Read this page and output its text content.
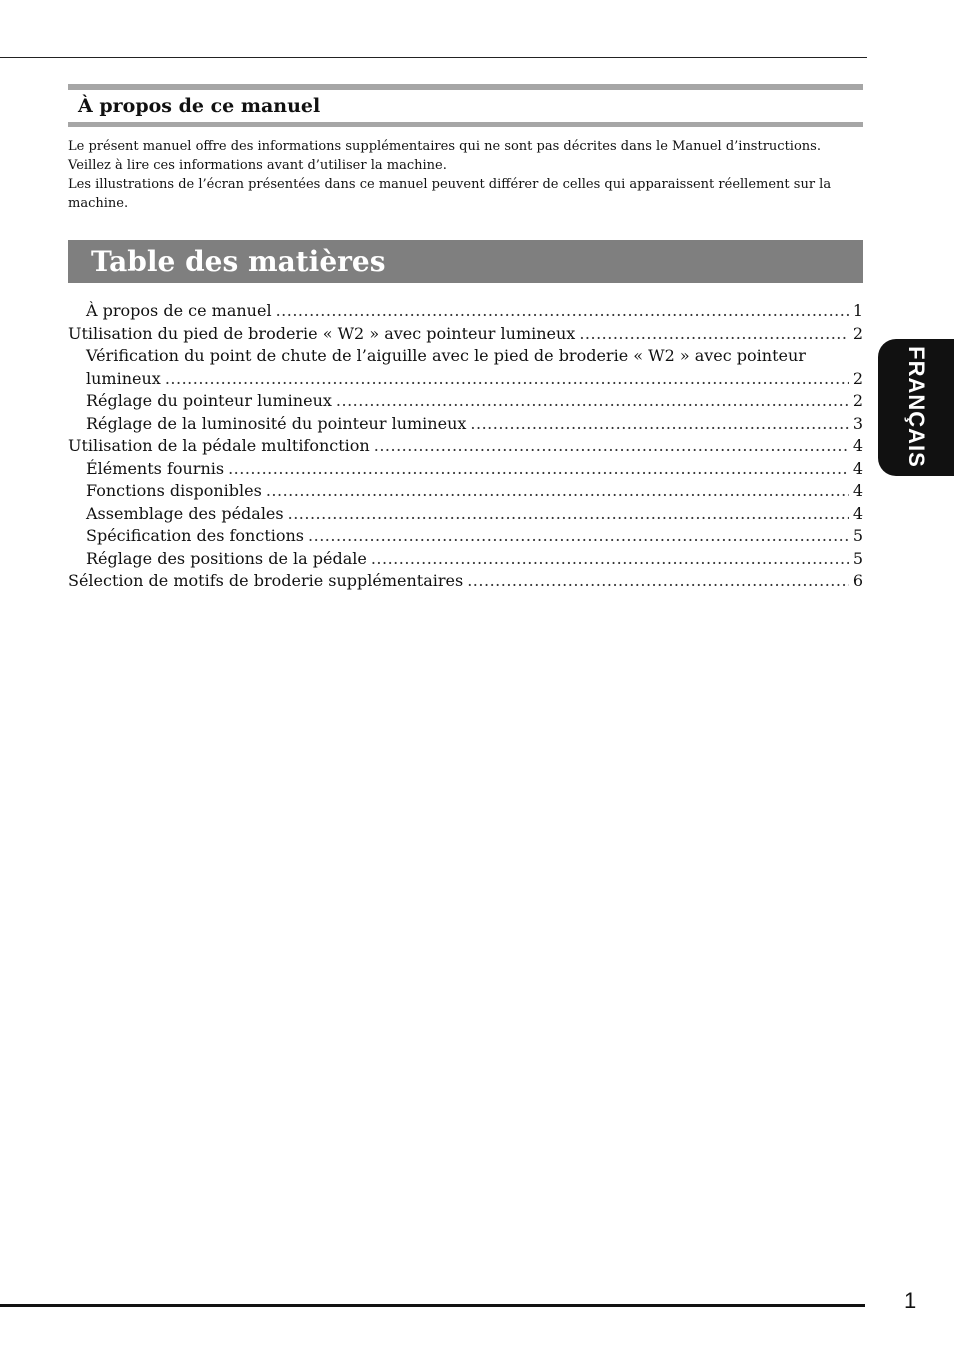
À propos de ce manuel

Le présent manuel offre des informations supplémentaires qui ne sont pas décrites dans le Manuel d’instructions.

Veillez à lire ces informations avant d’utiliser la machine.

Les illustrations de l’écran présentées dans ce manuel peuvent différer de celles qui apparaissent réellement sur la machine.

Table des matières
À propos de ce manuel .....	1
Utilisation du pied de broderie « W2 » avec pointeur lumineux .....	2
Vérification du point de chute de l’aiguille avec le pied de broderie « W2 » avec pointeur
lumineux .....	2
Réglage du pointeur lumineux .....	2
Réglage de la luminosité du pointeur lumineux .....	3
Utilisation de la pédale multifonction .....	4
Éléments fournis .....	4
Fonctions disponibles .....	4
Assemblage des pédales .....	4
Spécification des fonctions .....	5
Réglage des positions de la pédale .....	5
Sélection de motifs de broderie supplémentaires .....	6
FRANÇAIS
1
